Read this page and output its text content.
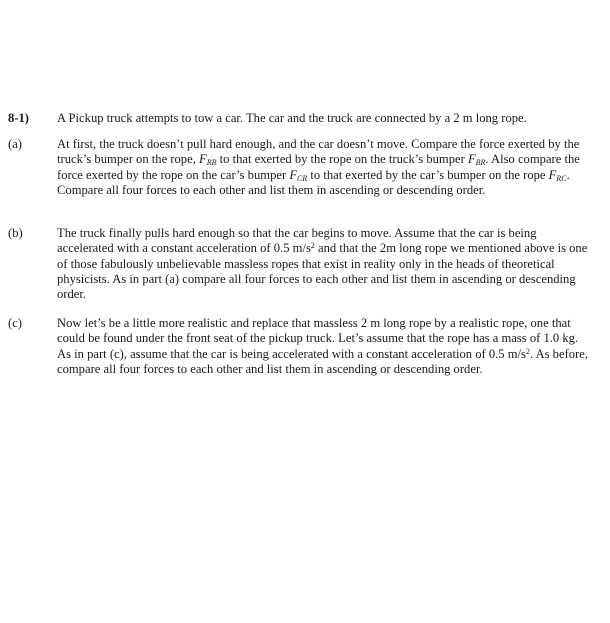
8-1) A Pickup truck attempts to tow a car. The car and the truck are connected by a 2 m long rope.
(a)	At first, the truck doesn’t pull hard enough, and the car doesn’t move. Compare the force exerted by the truck’s bumper on the rope, $F_{RB}$ to that exerted by the rope on the truck’s bumper $F_{BR}$. Also compare the force exerted by the rope on the car’s bumper $F_{CR}$ to that exerted by the car’s bumper on the rope $F_{RC}$. Compare all four forces to each other and list them in ascending or descending order.
(b)	The truck finally pulls hard enough so that the car begins to move. Assume that the car is being accelerated with a constant acceleration of 0.5 $m/s^2$ and that the 2m long rope we mentioned above is one of those fabulously unbelievable massless ropes that exist in reality only in the heads of theoretical physicists. As in part (a) compare all four forces to each other and list them in ascending or descending order.
(c)	Now let’s be a little more realistic and replace that massless 2 m long rope by a realistic rope, one that could be found under the front seat of the pickup truck. Let’s assume that the rope has a mass of 1.0 kg. As in part (c), assume that the car is being accelerated with a constant acceleration of 0.5 $m/s^2$. As before, compare all four forces to each other and list them in ascending or descending order.
